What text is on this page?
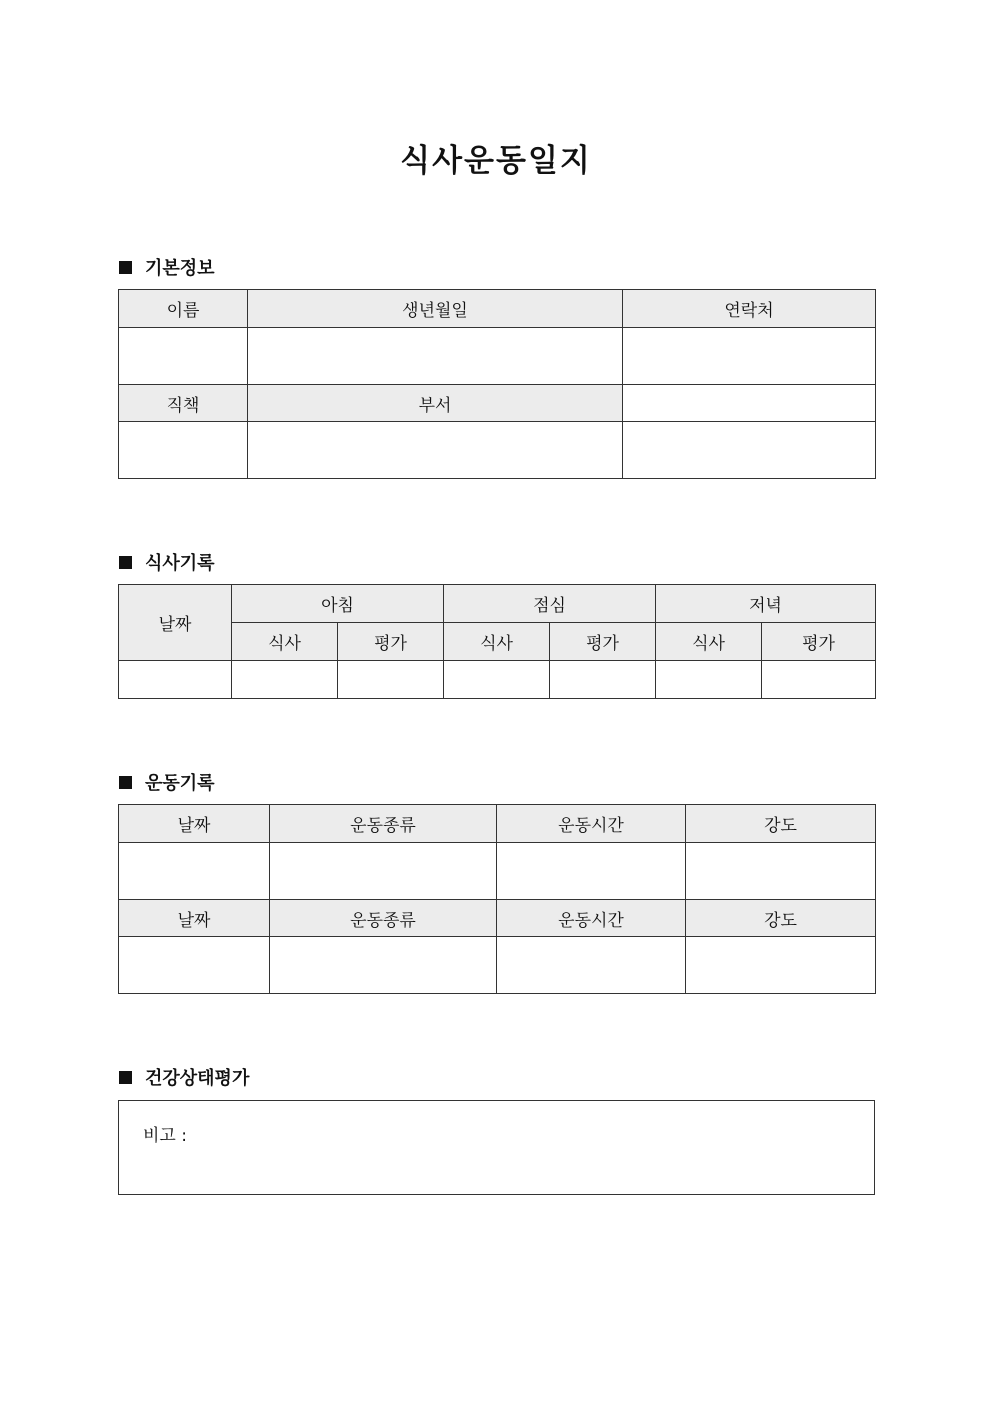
식사운동일지
기본정보
이름	생년월일	연락처

직책	부서	

식사기록
날짜	아침		점심		저녁	
	식사	평가	식사	평가	식사	평가

운동기록
날짜	운동종류	운동시간	강도

날짜	운동종류	운동시간	강도

건강상태평가
비고 :
